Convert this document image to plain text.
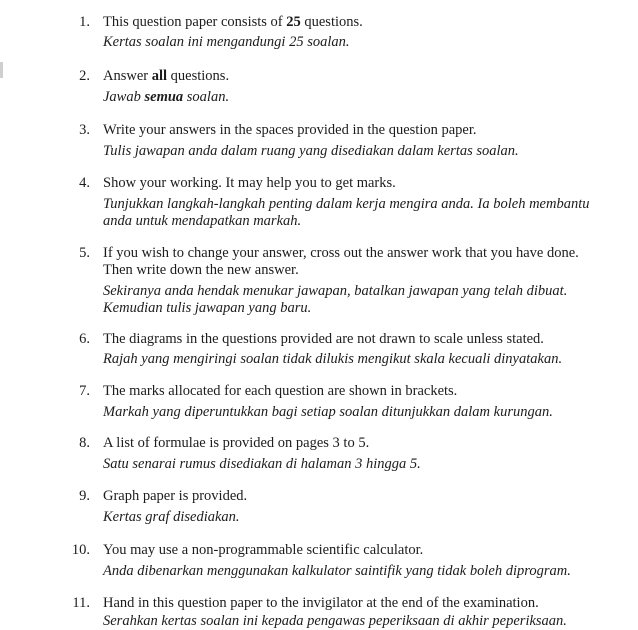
1. This question paper consists of 25 questions.
Kertas soalan ini mengandungi 25 soalan.
2. Answer all questions.
Jawab semua soalan.
3. Write your answers in the spaces provided in the question paper.
Tulis jawapan anda dalam ruang yang disediakan dalam kertas soalan.
4. Show your working. It may help you to get marks.
Tunjukkan langkah-langkah penting dalam kerja mengira anda. Ia boleh membantu
anda untuk mendapatkan markah.
5. If you wish to change your answer, cross out the answer work that you have done.
Then write down the new answer.
Sekiranya anda hendak menukar jawapan, batalkan jawapan yang telah dibuat.
Kemudian tulis jawapan yang baru.
6. The diagrams in the questions provided are not drawn to scale unless stated.
Rajah yang mengiringi soalan tidak dilukis mengikut skala kecuali dinyatakan.
7. The marks allocated for each question are shown in brackets.
Markah yang diperuntukkan bagi setiap soalan ditunjukkan dalam kurungan.
8. A list of formulae is provided on pages 3 to 5.
Satu senarai rumus disediakan di halaman 3 hingga 5.
9. Graph paper is provided.
Kertas graf disediakan.
10. You may use a non-programmable scientific calculator.
Anda dibenarkan menggunakan kalkulator saintifik yang tidak boleh diprogram.
11. Hand in this question paper to the invigilator at the end of the examination.
Serahkan kertas soalan ini kepada pengawas peperiksaan di akhir peperiksaan.
